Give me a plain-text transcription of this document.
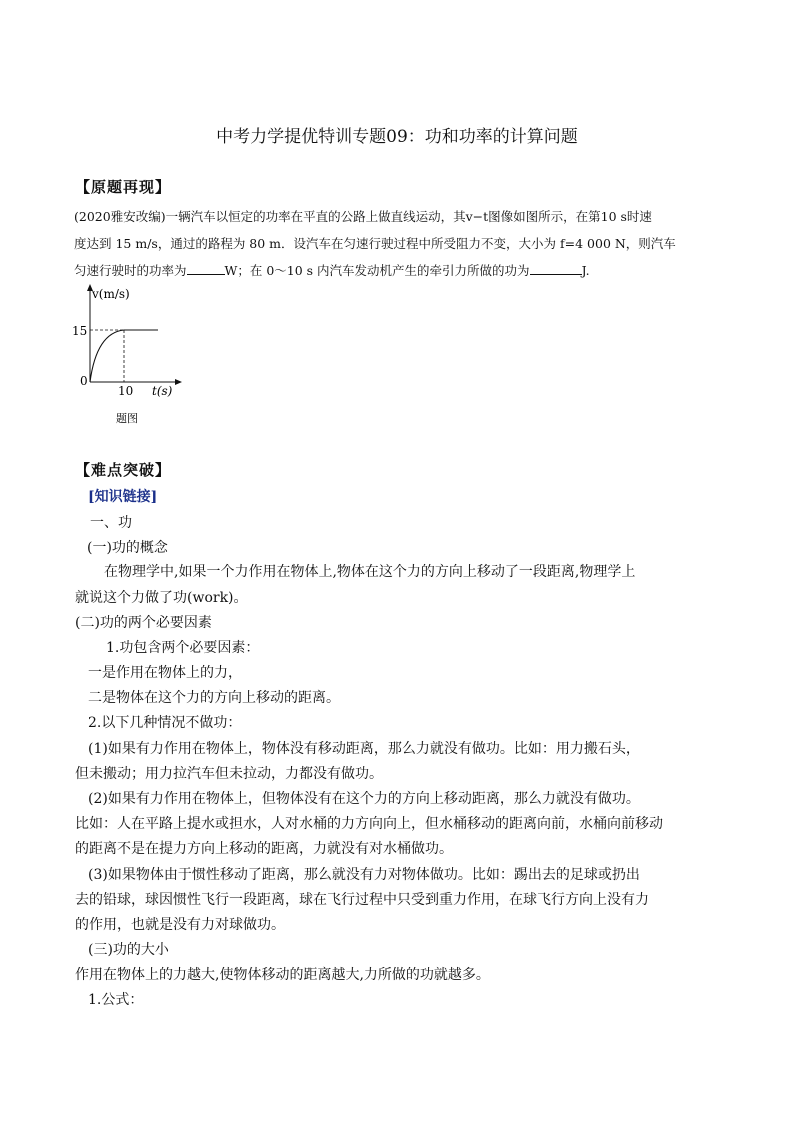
中考力学提优特训专题09：功和功率的计算问题
【原题再现】
(2020雅安改编)一辆汽车以恒定的功率在平直的公路上做直线运动，其v−t图像如图所示，在第10 s时速
度达到 15 m/s，通过的路程为 80 m．设汽车在匀速行驶过程中所受阻力不变，大小为 f=4 000 N，则汽车
匀速行驶时的功率为	W；在 0～10 s 内汽车发动机产生的牵引力所做的功为	J.
v(m/s)
15
0
10 t(s)
题图
【难点突破】
[知识链接]
一、功
(一)功的概念
在物理学中,如果一个力作用在物体上,物体在这个力的方向上移动了一段距离,物理学上
就说这个力做了功(work)。
(二)功的两个必要因素
1.功包含两个必要因素：
一是作用在物体上的力，
二是物体在这个力的方向上移动的距离。
2.以下几种情况不做功：
(1)如果有力作用在物体上，物体没有移动距离，那么力就没有做功。比如：用力搬石头，
但未搬动；用力拉汽车但未拉动，力都没有做功。
(2)如果有力作用在物体上，但物体没有在这个力的方向上移动距离，那么力就没有做功。
比如：人在平路上提水或担水，人对水桶的力方向向上，但水桶移动的距离向前，水桶向前移动
的距离不是在提力方向上移动的距离，力就没有对水桶做功。
(3)如果物体由于惯性移动了距离，那么就没有力对物体做功。比如：踢出去的足球或扔出
去的铅球，球因惯性飞行一段距离，球在飞行过程中只受到重力作用，在球飞行方向上没有力
的作用，也就是没有力对球做功。
(三)功的大小
作用在物体上的力越大,使物体移动的距离越大,力所做的功就越多。
1.公式：
